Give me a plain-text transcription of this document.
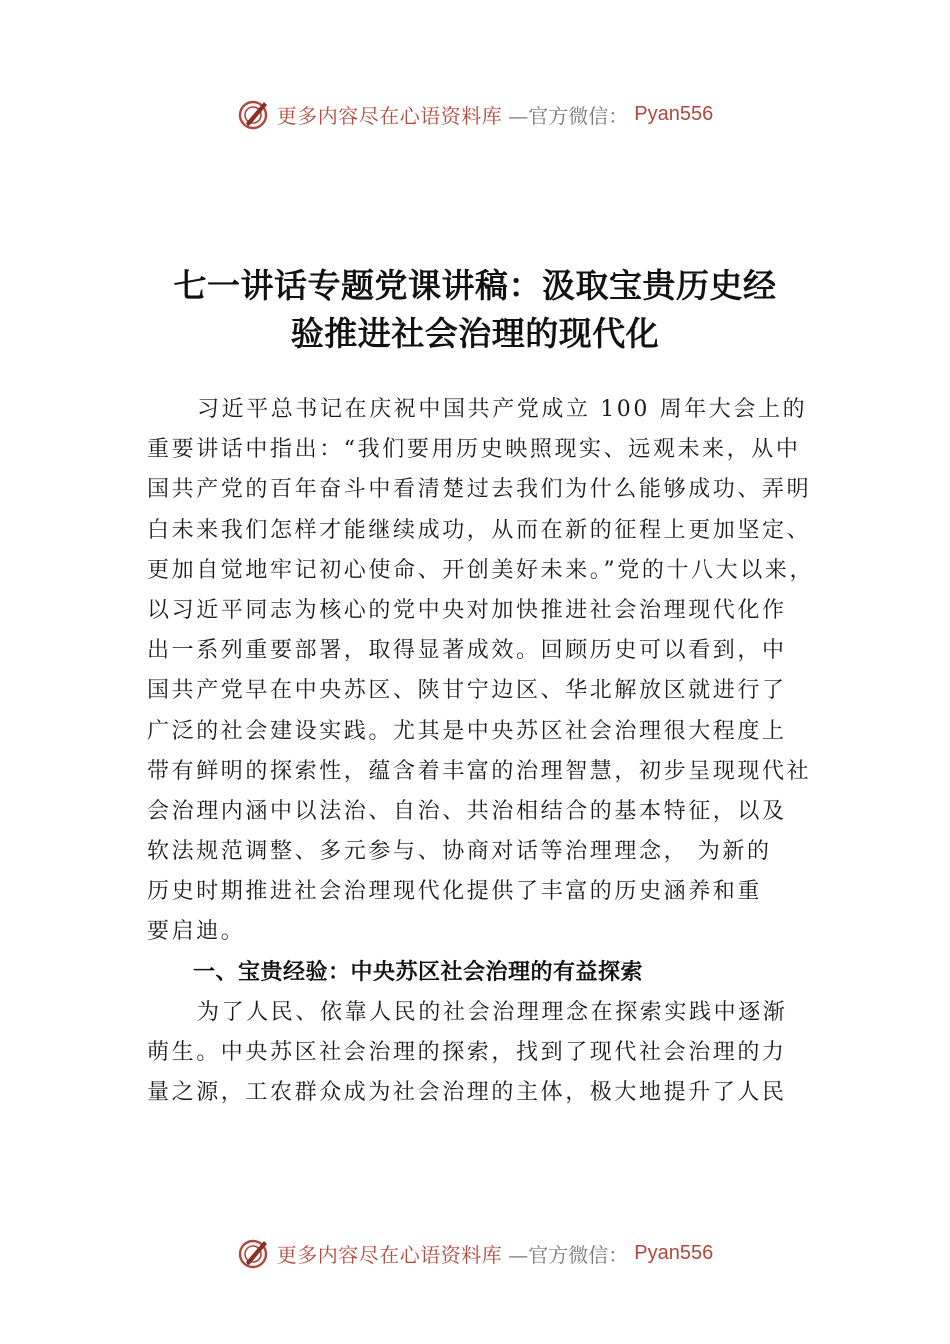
更多内容尽在心语资料库 —官方微信： Pyan556
七一讲话专题党课讲稿：汲取宝贵历史经
验推进社会治理的现代化
习近平总书记在庆祝中国共产党成立 100 周年大会上的
重要讲话中指出：“我们要用历史映照现实、远观未来，从中
国共产党的百年奋斗中看清楚过去我们为什么能够成功、弄明
白未来我们怎样才能继续成功，从而在新的征程上更加坚定、
更加自觉地牢记初心使命、开创美好未来。”党的十八大以来，
以习近平同志为核心的党中央对加快推进社会治理现代化作
出一系列重要部署，取得显著成效。回顾历史可以看到，中
国共产党早在中央苏区、陕甘宁边区、华北解放区就进行了
广泛的社会建设实践。尤其是中央苏区社会治理很大程度上
带有鲜明的探索性，蕴含着丰富的治理智慧，初步呈现现代社
会治理内涵中以法治、自治、共治相结合的基本特征，以及
软法规范调整、多元参与、协商对话等治理理念， 为新的
历史时期推进社会治理现代化提供了丰富的历史涵养和重
要启迪。
一、宝贵经验：中央苏区社会治理的有益探索
为了人民、依靠人民的社会治理理念在探索实践中逐渐
萌生。中央苏区社会治理的探索，找到了现代社会治理的力
量之源，工农群众成为社会治理的主体，极大地提升了人民
更多内容尽在心语资料库 —官方微信： Pyan556
